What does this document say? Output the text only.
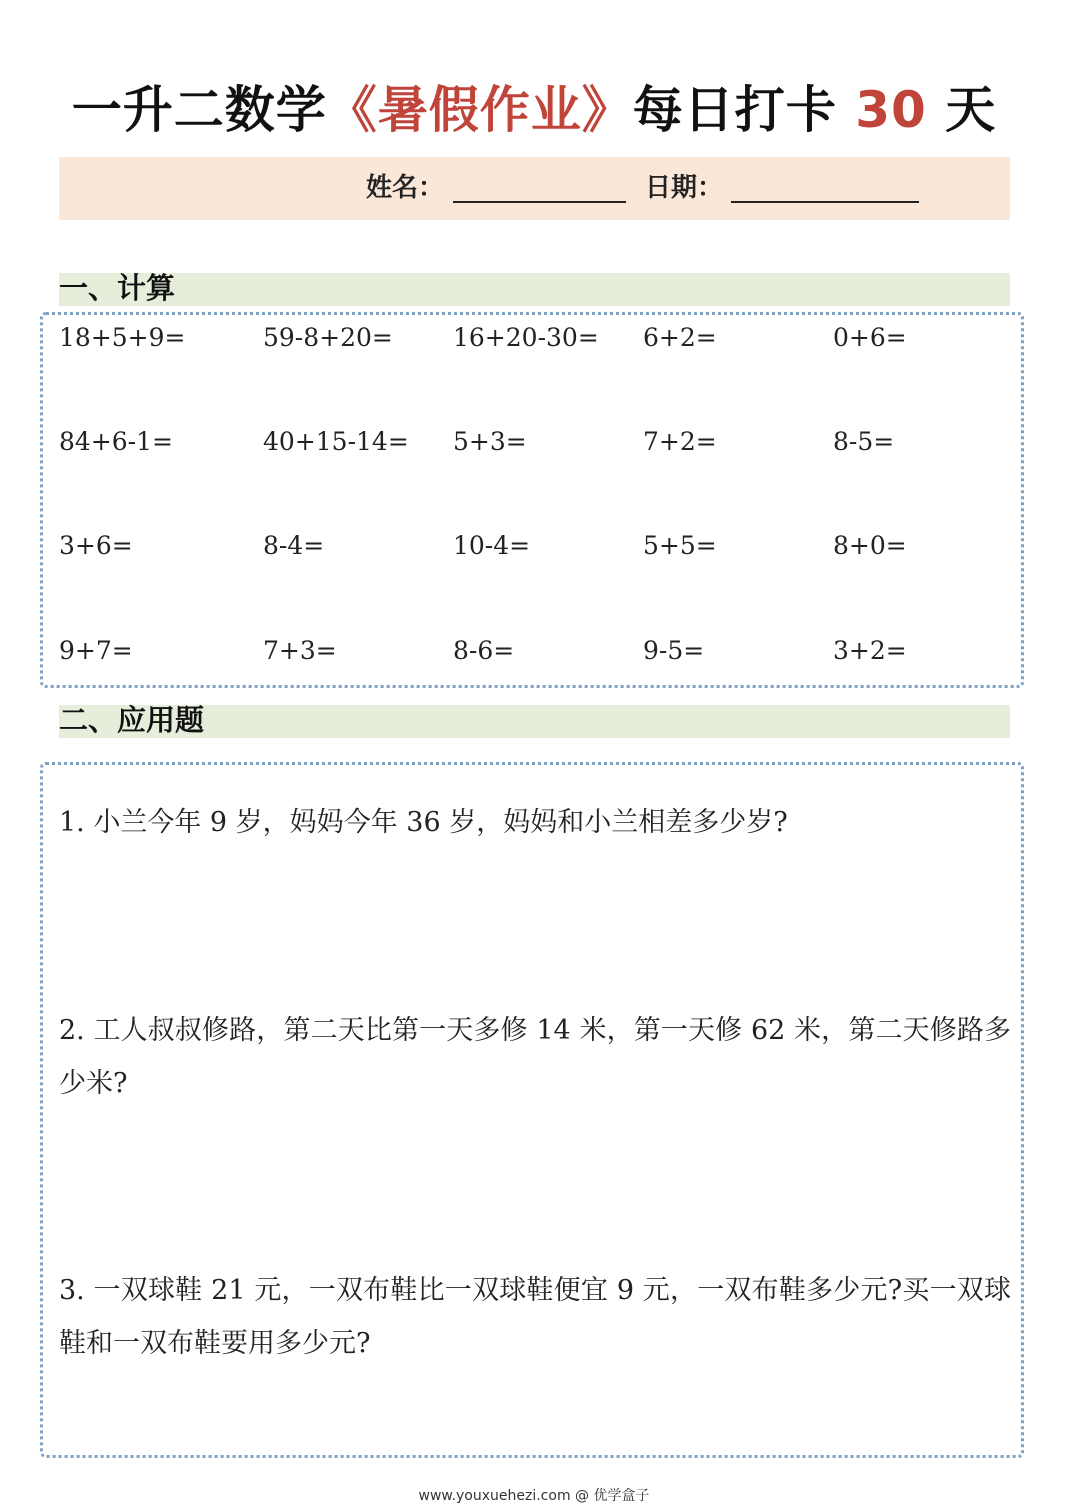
一升二数学《暑假作业》每日打卡 30 天
姓名：	日期：
一、计算
18+5+9=	59-8+20= 16+20-30= 6+2=	0+6=
84+6-1=	40+15-14= 5+3=	7+2=	8-5=
3+6=	8-4=	10-4=	5+5=	8+0=
9+7=	7+3=	8-6=	9-5=	3+2=
二、应用题
1. 小兰今年 9 岁，妈妈今年 36 岁，妈妈和小兰相差多少岁?
2. 工人叔叔修路，第二天比第一天多修 14 米，第一天修 62 米，第二天修路多少米?
3. 一双球鞋 21 元，一双布鞋比一双球鞋便宜 9 元，一双布鞋多少元?买一双球鞋和一双布鞋要用多少元?
www.youxuehezi.com @ 优学盒子
